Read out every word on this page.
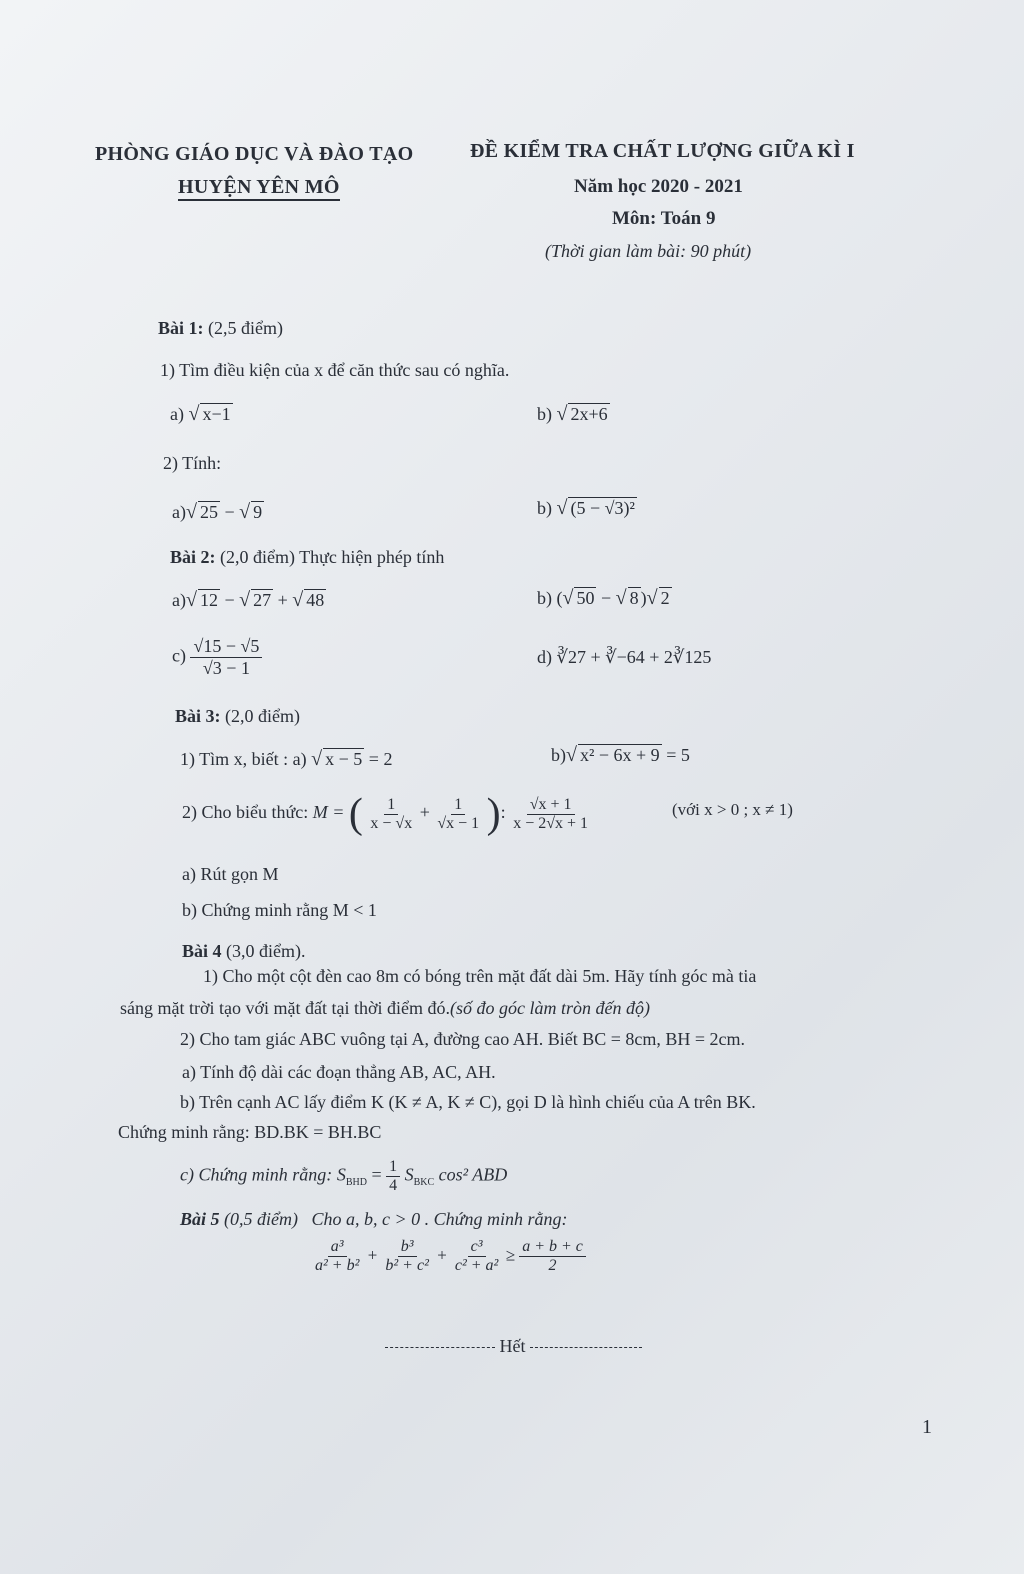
PHÒNG GIÁO DỤC VÀ ĐÀO TẠO
HUYỆN YÊN MÔ
ĐỀ KIỂM TRA CHẤT LƯỢNG GIỮA KÌ I
Năm học 2020 - 2021
Môn: Toán 9
(Thời gian làm bài: 90 phút)
Bài 1: (2,5 điểm)
1) Tìm điều kiện của x để căn thức sau có nghĩa.
a) √ x−1	b) √ 2x+6
2) Tính:
a)√ 25 − √ 9	b) √ (5 − √3)²
Bài 2: (2,0 điểm) Thực hiện phép tính
a)√ 12 − √ 27 + √ 48	b) (√ 50 − √ 8 )√ 2
$c) \frac{√15 - √5}{√3 - 1}$	d) ∛27 + ∛−64 + 2∛125
Bài 3: (2,0 điểm)
1) Tìm x, biết : a) √ x − 5 = 2	b)√ x² − 6x + 9 = 5
2) Cho biểu thức: M = ( $\frac{1}{x - √x} + \frac{1}{√x - 1}$ ): $\frac{√x + 1}{x - 2√x + 1}$	(với x > 0 ; x ≠ 1)
a) Rút gọn M
b) Chứng minh rằng M < 1
Bài 4 (3,0 điểm).
1) Cho một cột đèn cao 8m có bóng trên mặt đất dài 5m. Hãy tính góc mà tia
sáng mặt trời tạo với mặt đất tại thời điểm đó.(số đo góc làm tròn đến độ)
2) Cho tam giác ABC vuông tại A, đường cao AH. Biết BC = 8cm, BH = 2cm.
a) Tính độ dài các đoạn thẳng AB, AC, AH.
b) Trên cạnh AC lấy điểm K (K ≠ A, K ≠ C), gọi D là hình chiếu của A trên BK.
Chứng minh rằng: BD.BK = BH.BC
c) Chứng minh rằng: $S_{BHD} = \frac{1}{4} S_{BKC}$ cos² ABD
Bài 5 (0,5 điểm) Cho a, b, c > 0 . Chứng minh rằng:
$\frac{\text{a³}}{\text{a² + b²}} + \frac{\text{b³}}{\text{b² + c²}} + \frac{\text{c³}}{\text{c² + a²}} \ge \frac{a + b + c}{2}$
Hết
1
